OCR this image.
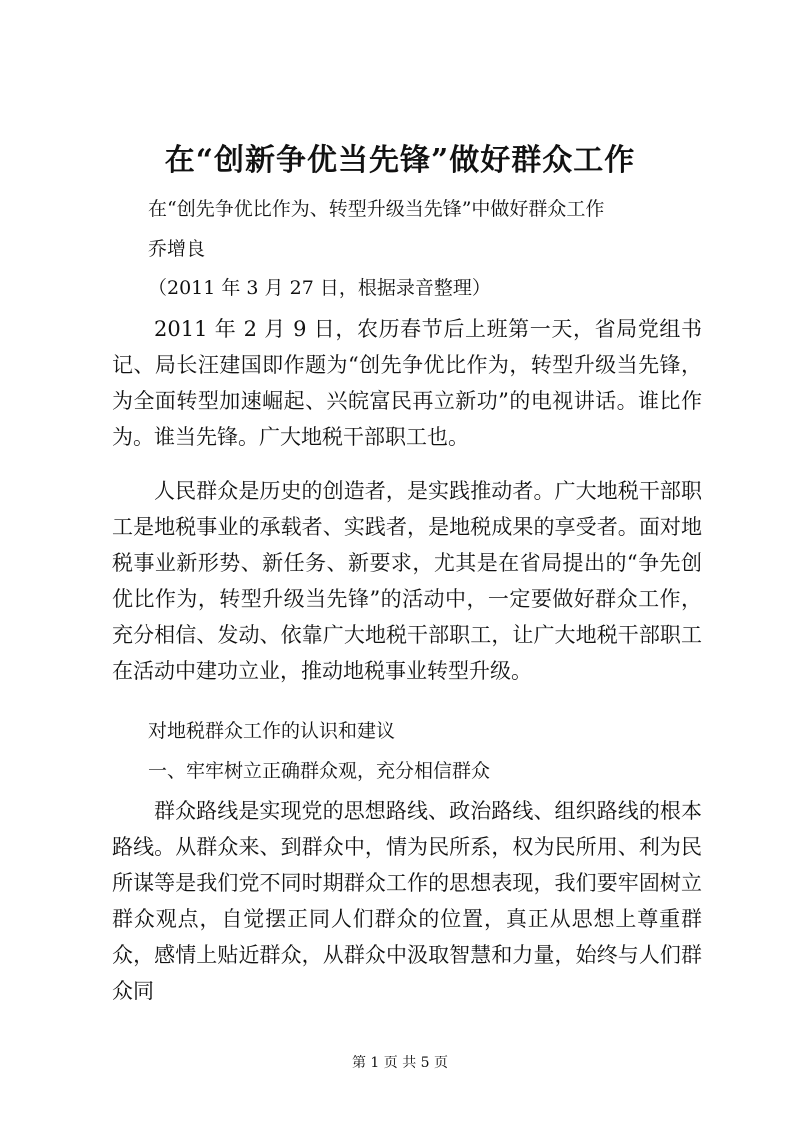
在“创新争优当先锋”做好群众工作
在“创先争优比作为、转型升级当先锋”中做好群众工作
乔增良
（2011 年 3 月 27 日，根据录音整理）
2011 年 2 月 9 日，农历春节后上班第一天，省局党组书记、局长汪建国即作题为“创先争优比作为，转型升级当先锋，为全面转型加速崛起、兴皖富民再立新功”的电视讲话。谁比作为。谁当先锋。广大地税干部职工也。
人民群众是历史的创造者，是实践推动者。广大地税干部职工是地税事业的承载者、实践者，是地税成果的享受者。面对地税事业新形势、新任务、新要求，尤其是在省局提出的“争先创优比作为，转型升级当先锋”的活动中，一定要做好群众工作，充分相信、发动、依靠广大地税干部职工，让广大地税干部职工在活动中建功立业，推动地税事业转型升级。
对地税群众工作的认识和建议
一、牢牢树立正确群众观，充分相信群众
群众路线是实现党的思想路线、政治路线、组织路线的根本路线。从群众来、到群众中，情为民所系，权为民所用、利为民所谋等是我们党不同时期群众工作的思想表现，我们要牢固树立群众观点，自觉摆正同人们群众的位置，真正从思想上尊重群众，感情上贴近群众，从群众中汲取智慧和力量，始终与人们群众同
第 1 页 共 5 页
